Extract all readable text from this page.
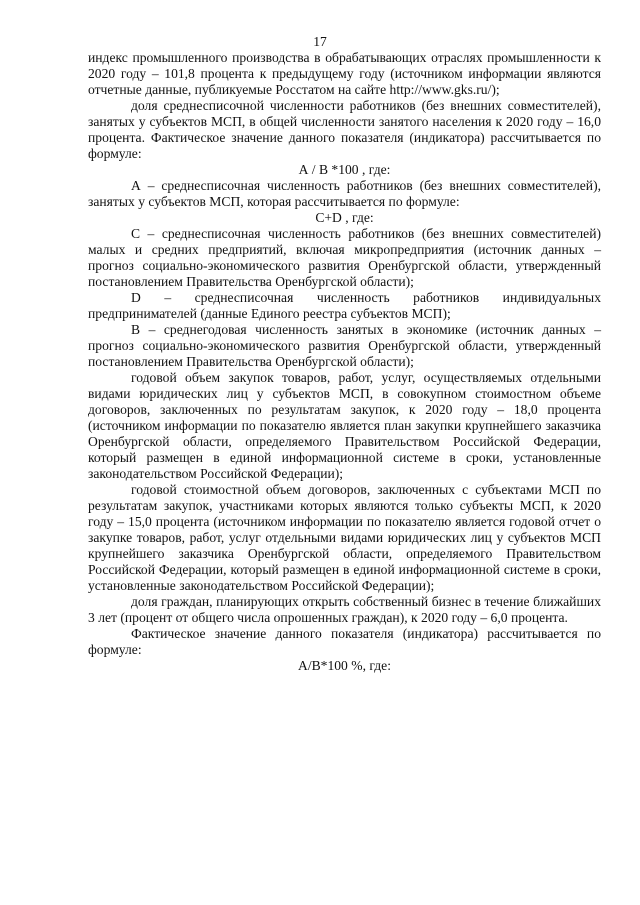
17

индекс промышленного производства в обрабатывающих отраслях промышленности к 2020 году – 101,8 процента к предыдущему году (источником информации являются отчетные данные, публикуемые Росстатом на сайте http://www.gks.ru/);

доля среднесписочной численности работников (без внешних совместителей), занятых у субъектов МСП, в общей численности занятого населения к 2020 году – 16,0 процента. Фактическое значение данного показателя (индикатора) рассчитывается по формуле:

А / В *100 , где:

А – среднесписочная численность работников (без внешних совместителей), занятых у субъектов МСП, которая рассчитывается по формуле:

С+D , где:

С – среднесписочная численность работников (без внешних совместителей) малых и средних предприятий, включая микропредприятия (источник данных – прогноз социально-экономического развития Оренбургской области, утвержденный постановлением Правительства Оренбургской области);

D – среднесписочная численность работников индивидуальных предпринимателей (данные Единого реестра субъектов МСП);

В – среднегодовая численность занятых в экономике (источник данных – прогноз социально-экономического развития Оренбургской области, утвержденный постановлением Правительства Оренбургской области);

годовой объем закупок товаров, работ, услуг, осуществляемых отдельными видами юридических лиц у субъектов МСП, в совокупном стоимостном объеме договоров, заключенных по результатам закупок, к 2020 году – 18,0 процента (источником информации по показателю является план закупки крупнейшего заказчика Оренбургской области, определяемого Правительством Российской Федерации, который размещен в единой информационной системе в сроки, установленные законодательством Российской Федерации);

годовой стоимостной объем договоров, заключенных с субъектами МСП по результатам закупок, участниками которых являются только субъекты МСП, к 2020 году – 15,0 процента (источником информации по показателю является годовой отчет о закупке товаров, работ, услуг отдельными видами юридических лиц у субъектов МСП крупнейшего заказчика Оренбургской области, определяемого Правительством Российской Федерации, который размещен в единой информационной системе в сроки, установленные законодательством Российской Федерации);

доля граждан, планирующих открыть собственный бизнес в течение ближайших 3 лет (процент от общего числа опрошенных граждан), к 2020 году – 6,0 процента.

Фактическое значение данного показателя (индикатора) рассчитывается по формуле:

А/В*100 %, где:
